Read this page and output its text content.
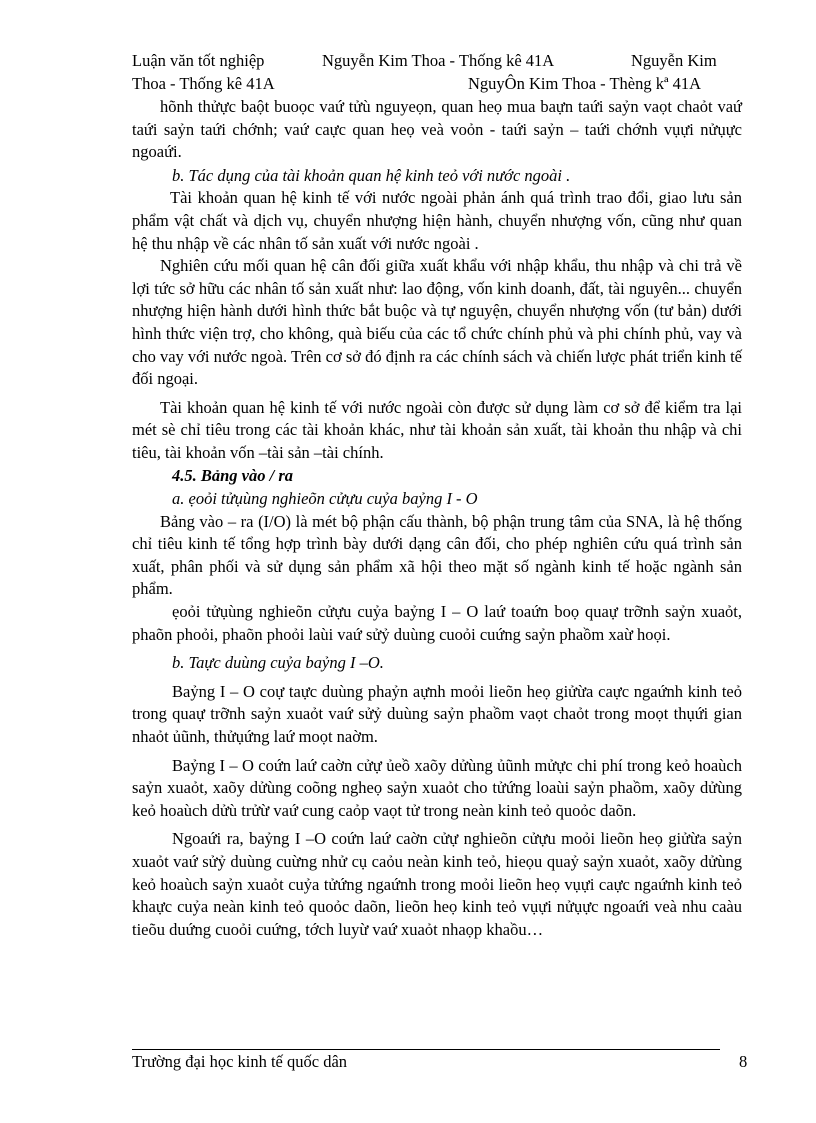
Luận văn tốt nghiệp	Nguyễn Kim Thoa - Thống kê 41A	Nguyễn Kim
Thoa - Thống kê 41A	NguyÔn Kim Thoa - Thèng kª 41A

hõnh thửực baột buoọc vaứ tửù nguyeọn, quan heọ mua baựn taứi saỷn vaọt chaỏt vaứ taứi saỷn taứi chớnh; vaứ caực quan heọ veà voỏn - taứi saỷn – taứi chớnh vụựi nửụực ngoaứi.

b. Tác dụng của tài khoản quan hệ kinh teỏ với nước ngoài .

Tài khoản quan hệ kinh tế với nước ngoài phản ánh quá trình trao đổi, giao lưu sản phẩm vật chất và dịch vụ, chuyển nhượng hiện hành, chuyển nhượng vốn, cũng như quan hệ thu nhập về các nhân tố sản xuất với nước ngoài .

Nghiên cứu mối quan hệ cân đối giữa xuất khẩu với nhập khẩu, thu nhập và chi trả về lợi tức sở hữu các nhân tố sản xuất như: lao động, vốn kinh doanh, đất, tài nguyên... chuyển nhượng hiện hành dưới hình thức bắt buộc và tự nguyện, chuyển nhượng vốn (tư bản) dưới hình thức viện trợ, cho không, quà biếu của các tổ chức chính phủ và phi chính phủ, vay và cho vay với nước ngoà. Trên cơ sở đó định ra các chính sách và chiến lược phát triển kinh tế đối ngoại.

Tài khoản quan hệ kinh tế với nước ngoài còn được sử dụng làm cơ sở để kiểm tra lại mét sè chỉ tiêu trong các tài khoản khác, như tài khoản sản xuất, tài khoản thu nhập và chi tiêu, tài khoản vốn –tài sản –tài chính.

4.5. Bảng vào / ra

a. ẹoỏi tửụùng nghieõn cửựu cuỷa baỷng I - O

Bảng vào – ra (I/O) là mét bộ phận cấu thành, bộ phận trung tâm của SNA, là hệ thống chỉ tiêu kinh tế tổng hợp trình bày dưới dạng cân đối, cho phép nghiên cứu quá trình sản xuất, phân phối và sử dụng sản phẩm xã hội theo mặt số ngành kinh tế hoặc ngành sản phẩm.

ẹoỏi tửụùng nghieõn cửựu cuỷa baỷng I – O laứ toaứn boọ quaự trỡnh saỷn xuaỏt, phaõn phoỏi, phaõn phoỏi laùi vaứ sửỷ duùng cuoỏi cuứng saỷn phaồm xaừ hoọi.

b. Taực duùng cuỷa baỷng I –O.

Baỷng I – O coự taực duùng phaỷn aựnh moỏi lieõn heọ giửừa caực ngaứnh kinh teỏ trong quaự trỡnh saỷn xuaỏt vaứ sửỷ duùng saỷn phaồm vaọt chaỏt trong moọt thụứi gian nhaỏt ủũnh, thửụứng laứ moọt naờm.

Baỷng I – O coứn laứ caờn cửự ủeồ xaõy dửùng ủũnh mửực chi phí trong keỏ hoaùch saỷn xuaỏt, xaõy dửùng coõng ngheọ saỷn xuaỏt cho tửứng loaùi saỷn phaồm, xaõy dửùng keỏ hoaùch dửù trửừ vaứ cung caỏp vaọt tử trong neàn kinh teỏ quoỏc daõn.

Ngoaứi ra, baỷng I –O coứn laứ caờn cửự nghieõn cửựu moỏi lieõn heọ giửừa saỷn xuaỏt vaứ sửỷ duùng cuừng nhử cụ caỏu neàn kinh teỏ, hieọu quaỷ saỷn xuaỏt, xaõy dửùng keỏ hoaùch saỷn xuaỏt cuỷa tửứng ngaứnh trong moỏi lieõn heọ vụựi caực ngaứnh kinh teỏ khaực cuỷa neàn kinh teỏ quoỏc daõn, lieõn heọ kinh teỏ vụựi nửụực ngoaứi veà nhu caàu tieõu duứng cuoỏi cuứng, tớch luyừ vaứ xuaỏt nhaọp khaồu…

Trường đại học kinh tế quốc dân	8
